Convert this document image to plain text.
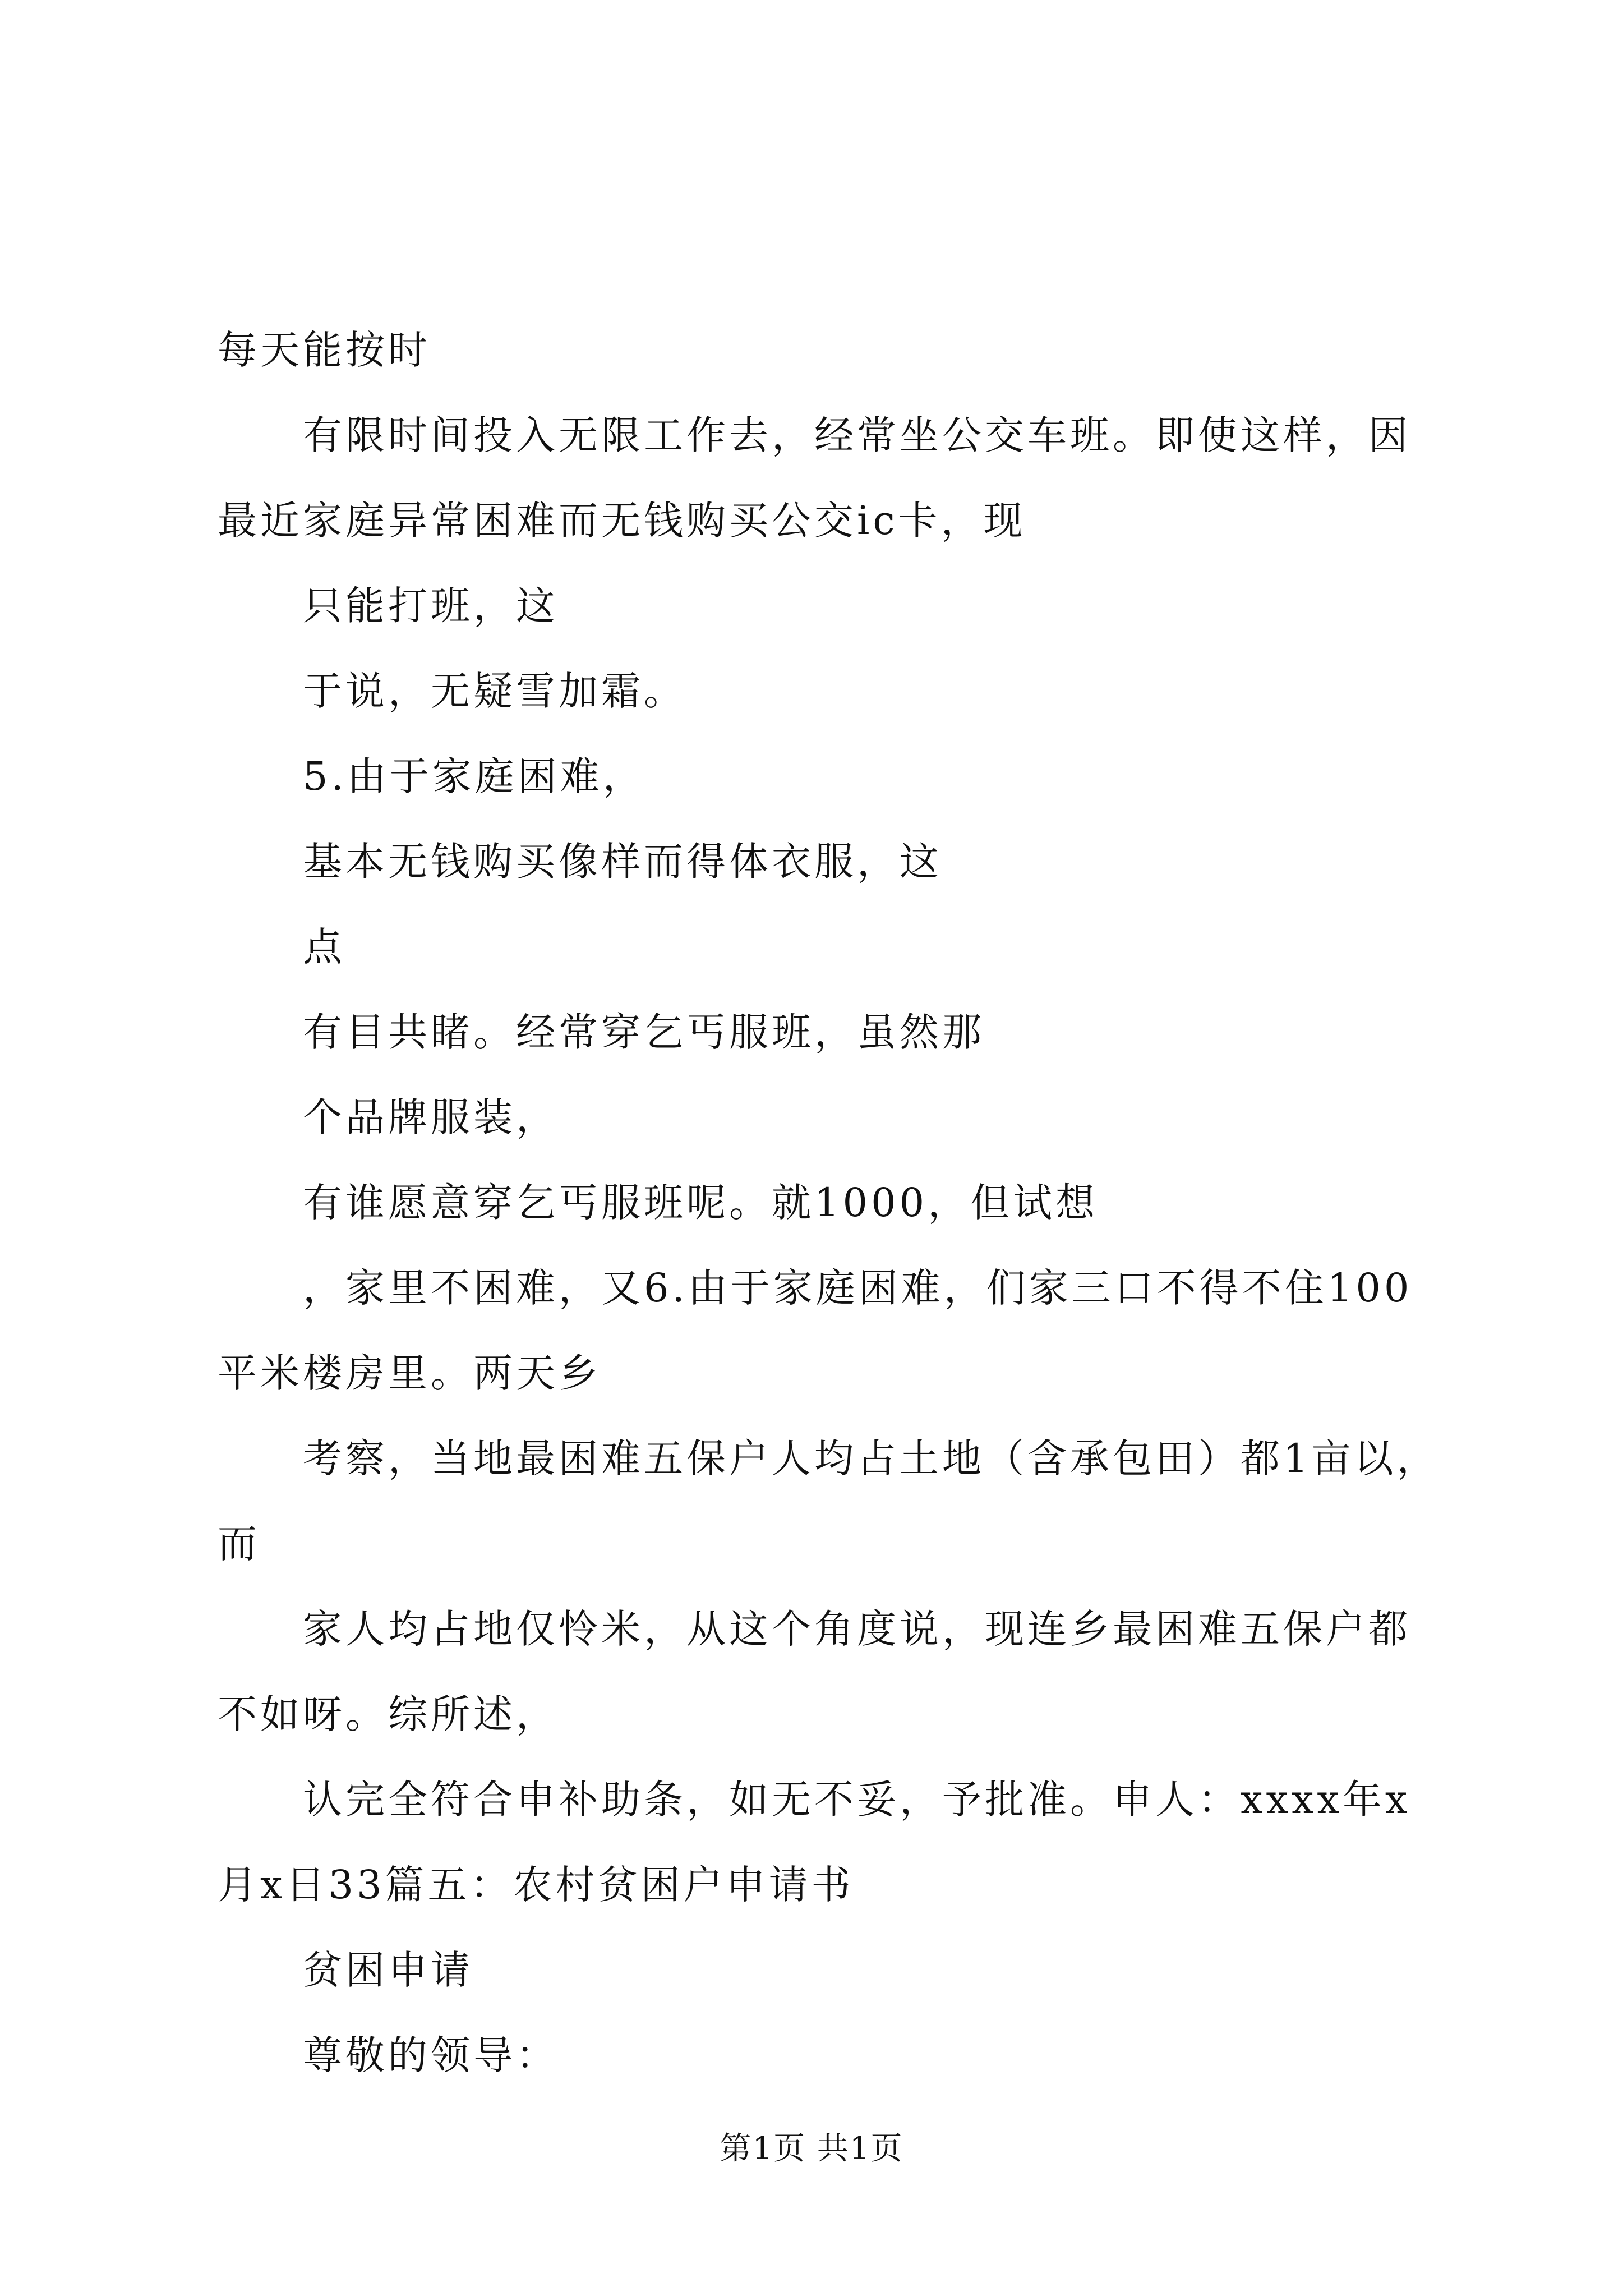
每天能按时

有限时间投入无限工作去，经常坐公交车班。即使这样，因最近家庭异常困难而无钱购买公交ic卡，现

只能打班，这

于说，无疑雪加霜。

5.由于家庭困难，

基本无钱购买像样而得体衣服，这

点

有目共睹。经常穿乞丐服班，虽然那

个品牌服装，

有谁愿意穿乞丐服班呢。就1000，但试想

，家里不困难，又6.由于家庭困难，们家三口不得不住100平米楼房里。两天乡

考察，当地最困难五保户人均占土地（含承包田）都1亩以，而

家人均占地仅怜米，从这个角度说，现连乡最困难五保户都不如呀。综所述，

认完全符合申补助条，如无不妥，予批准。申人：xxxx年x月x日33篇五：农村贫困户申请书

贫困申请

尊敬的领导：

第1页 共1页
